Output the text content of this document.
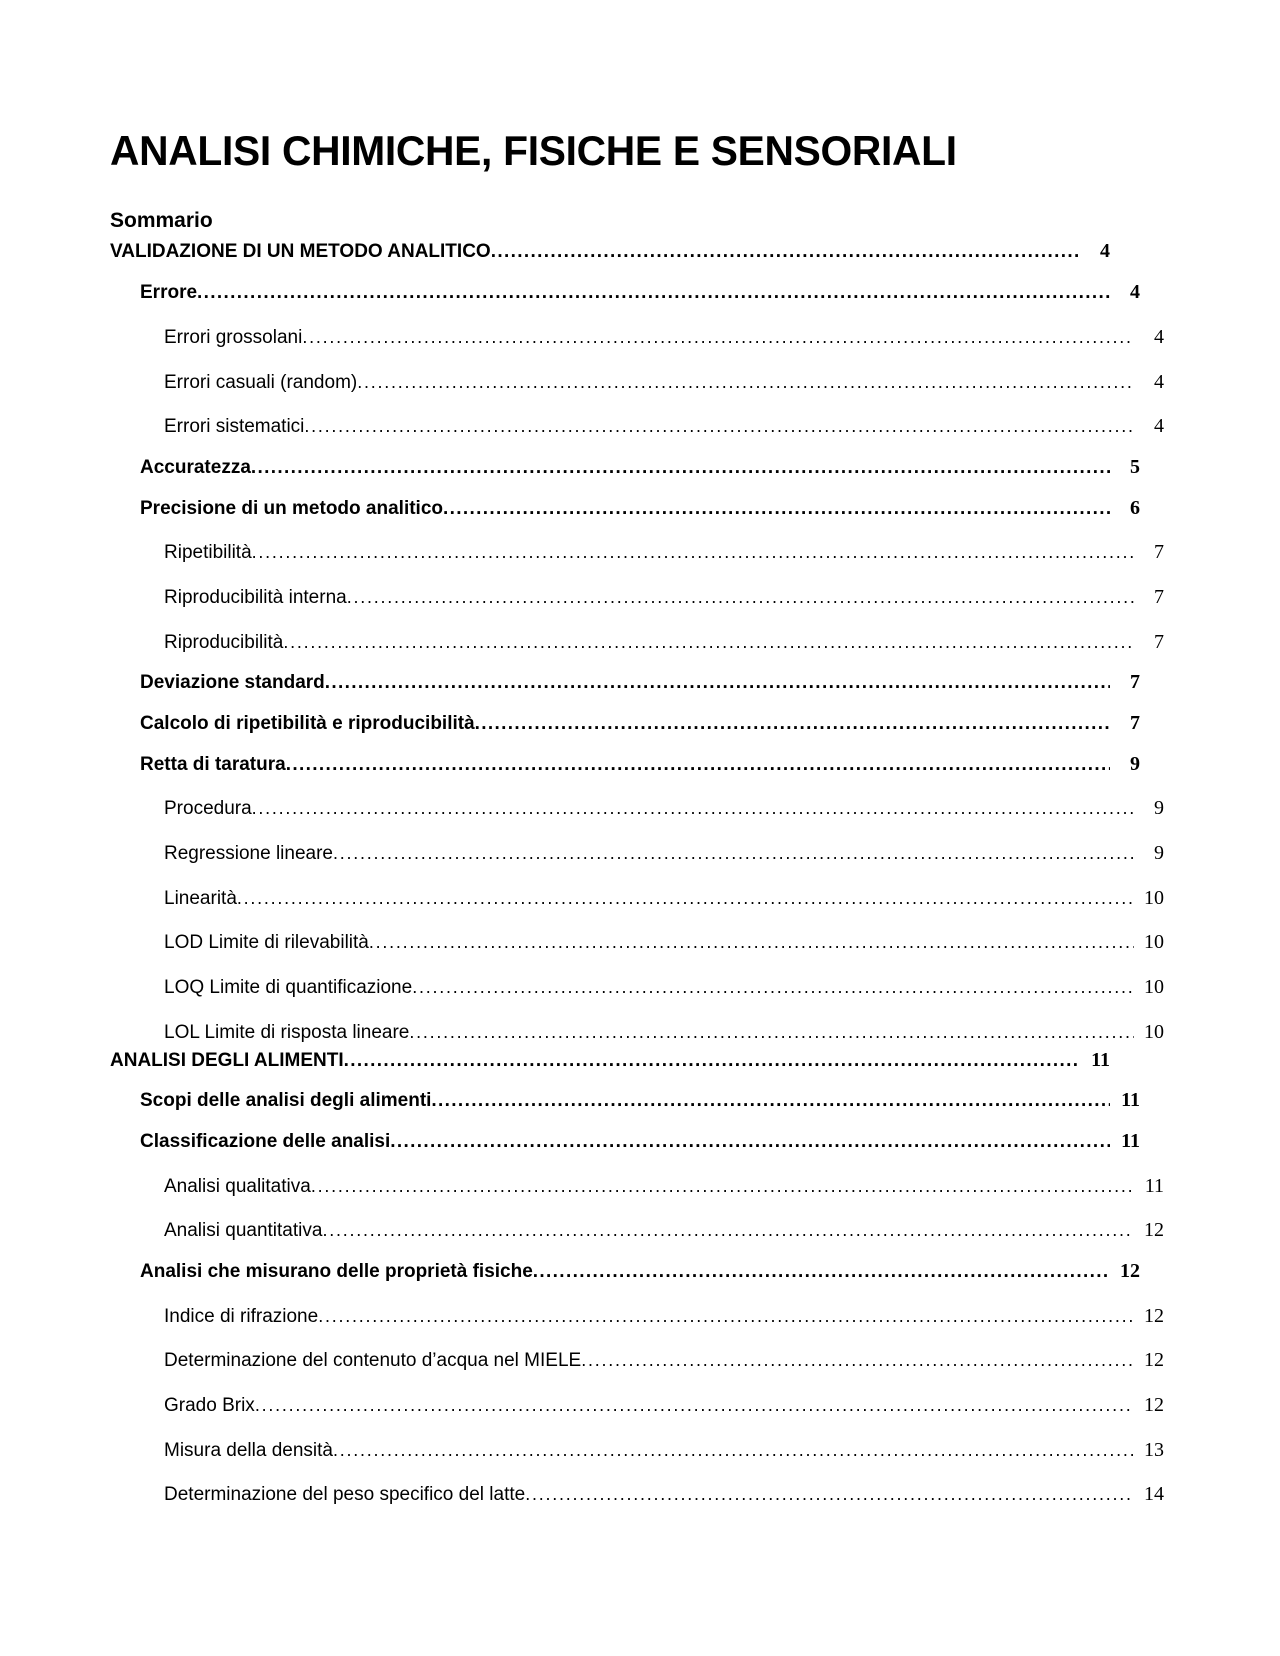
ANALISI CHIMICHE, FISICHE E SENSORIALI
Sommario
VALIDAZIONE DI UN METODO ANALITICO .....	4
Errore .....	4
Errori grossolani .....	4
Errori casuali (random) .....	4
Errori sistematici .....	4
Accuratezza .....	5
Precisione di un metodo analitico .....	6
Ripetibilità .....	7
Riproducibilità interna .....	7
Riproducibilità .....	7
Deviazione standard .....	7
Calcolo di ripetibilità e riproducibilità .....	7
Retta di taratura .....	9
Procedura .....	9
Regressione lineare .....	9
Linearità .....	10
LOD Limite di rilevabilità .....	10
LOQ Limite di quantificazione .....	10
LOL Limite di risposta lineare .....	10
ANALISI DEGLI ALIMENTI .....	11
Scopi delle analisi degli alimenti .....	11
Classificazione delle analisi .....	11
Analisi qualitativa .....	11
Analisi quantitativa .....	12
Analisi che misurano delle proprietà fisiche .....	12
Indice di rifrazione .....	12
Determinazione del contenuto d’acqua nel MIELE .....	12
Grado Brix .....	12
Misura della densità .....	13
Determinazione del peso specifico del latte .....	14
